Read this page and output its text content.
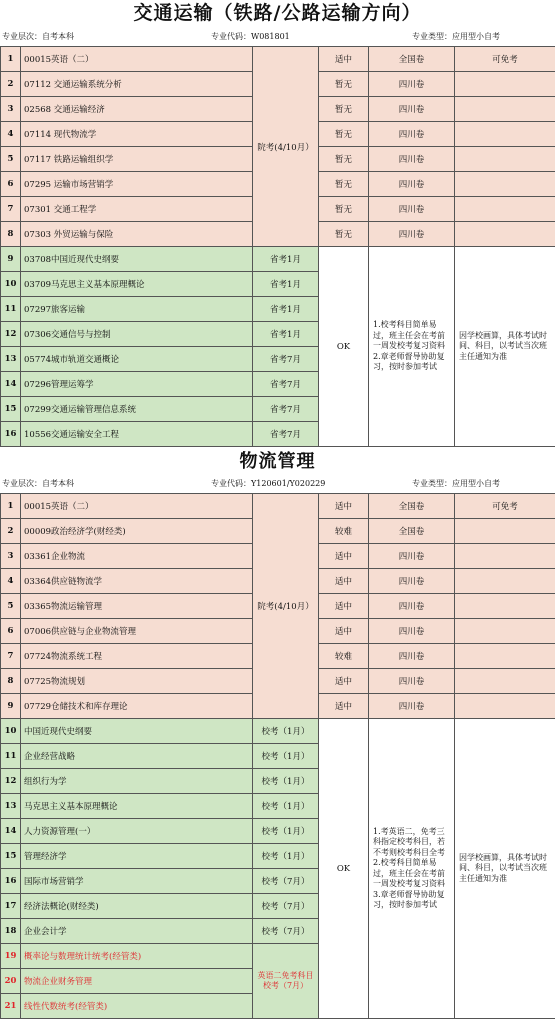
交通运输（铁路/公路运输方向）
专业层次：自考本科	专业代码：W081801	专业类型：应用型小自考
1	00015英语（二）	院考(4/10月）	适中	全国卷	可免考
2	07112 交通运输系统分析		暂无	四川卷	
3	02568 交通运输经济		暂无	四川卷	
4	07114 现代物流学		暂无	四川卷	
5	07117 铁路运输组织学		暂无	四川卷	
6	07295 运输市场营销学		暂无	四川卷	
7	07301 交通工程学		暂无	四川卷	
8	07303 外贸运输与保险		暂无	四川卷	
9	03708中国近现代史纲要	省考1月	OK	1.校考科目简单易过，班主任会在考前一周发校考复习资料2.章老师督导协助复习，按时参加考试	因学校画算，具体考试时间、科目，以考试当次班主任通知为准
10	03709马克思主义基本原理概论	省考1月			
11	07297旅客运输	省考1月			
12	07306交通信号与控制	省考1月			
13	05774城市轨道交通概论	省考7月			
14	07296管理运筹学	省考7月			
15	07299交通运输管理信息系统	省考7月			
16	10556交通运输安全工程	省考7月			
物流管理
专业层次：自考本科	专业代码：Y120601/Y020229	专业类型：应用型小自考
1	00015英语（二）	院考(4/10月）	适中	全国卷	可免考
2	00009政治经济学(财经类)		较难	全国卷	
3	03361企业物流		适中	四川卷	
4	03364供应链物流学		适中	四川卷	
5	03365物流运输管理		适中	四川卷	
6	07006供应链与企业物流管理		适中	四川卷	
7	07724物流系统工程		较难	四川卷	
8	07725物流规划		适中	四川卷	
9	07729仓储技术和库存理论		适中	四川卷	
10	中国近现代史纲要	校考（1月）	OK	1.考英语二，免考三科指定校考科目，若不考则校考科目全考2.校考科目简单易过，班主任会在考前一周发校考复习资料3.章老师督导协助复习，按时参加考试	因学校画算，具体考试时间、科目，以考试当次班主任通知为准
11	企业经营战略	校考（1月）			
12	组织行为学	校考（1月）			
13	马克思主义基本原理概论	校考（1月）			
14	人力资源管理(一）	校考（1月）			
15	管理经济学	校考（1月）			
16	国际市场营销学	校考（7月）			
17	经济法概论(财经类)	校考（7月）			
18	企业会计学	校考（7月）			
19	概率论与数理统计统考(经管类)	英语二免考科目校考（7月）			
20	物流企业财务管理				
21	线性代数统考(经管类)				
